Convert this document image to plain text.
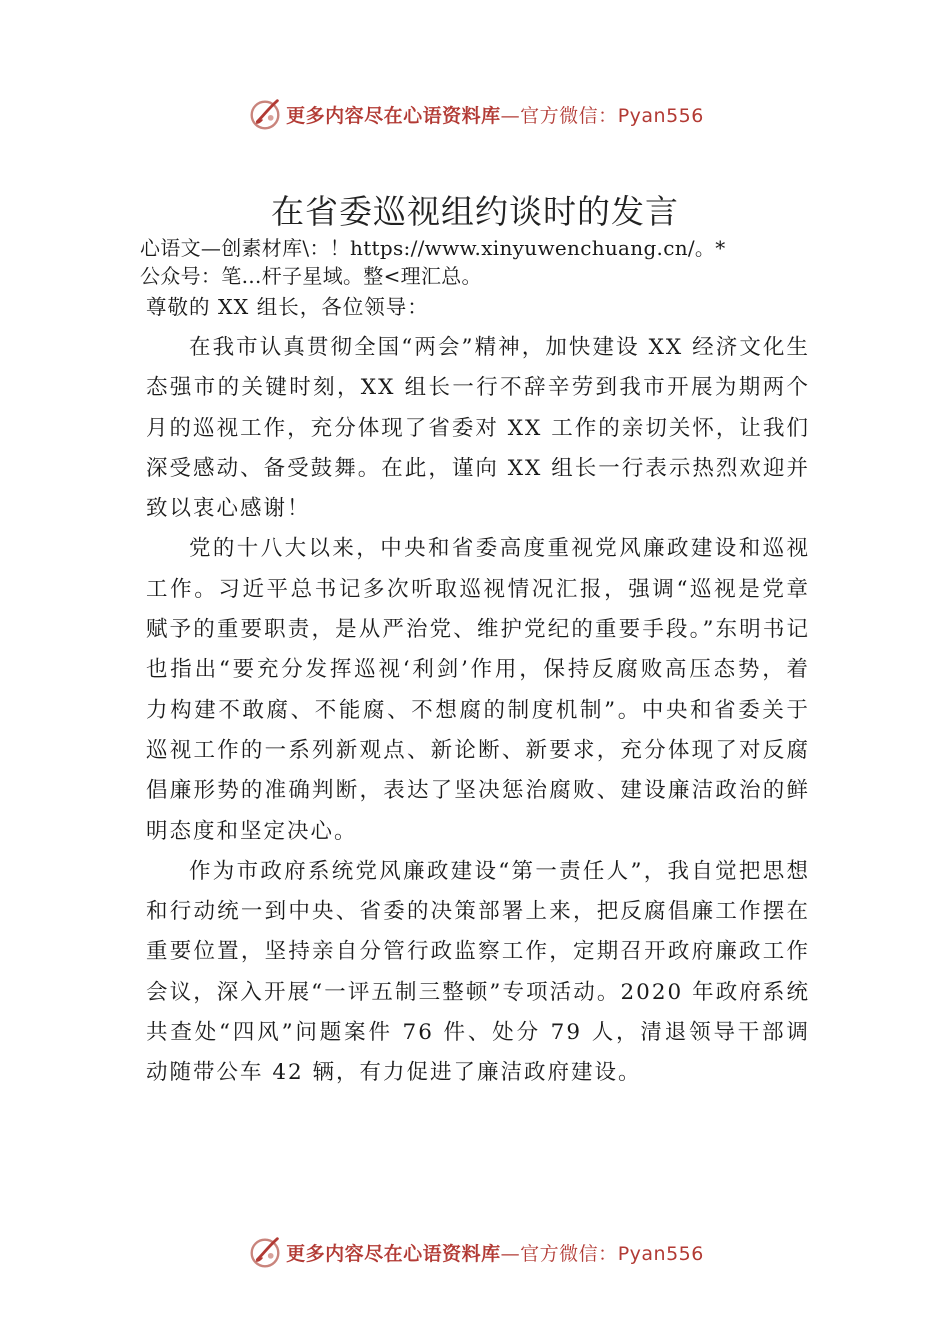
更多内容尽在心语资料库—官方微信：Pyan556
在省委巡视组约谈时的发言
心语文—创素材库\：！https://www.xinyuwenchuang.cn/。*
公众号：笔…杆子星域。整<理汇总。
尊敬的 XX 组长，各位领导：

在我市认真贯彻全国“两会”精神，加快建设 XX 经济文化生态强市的关键时刻，XX 组长一行不辞辛劳到我市开展为期两个月的巡视工作，充分体现了省委对 XX 工作的亲切关怀，让我们深受感动、备受鼓舞。在此，谨向 XX 组长一行表示热烈欢迎并致以衷心感谢！

党的十八大以来，中央和省委高度重视党风廉政建设和巡视工作。习近平总书记多次听取巡视情况汇报，强调“巡视是党章赋予的重要职责，是从严治党、维护党纪的重要手段。”东明书记也指出“要充分发挥巡视‘利剑’作用，保持反腐败高压态势，着力构建不敢腐、不能腐、不想腐的制度机制”。中央和省委关于巡视工作的一系列新观点、新论断、新要求，充分体现了对反腐倡廉形势的准确判断，表达了坚决惩治腐败、建设廉洁政治的鲜明态度和坚定决心。

作为市政府系统党风廉政建设“第一责任人”，我自觉把思想和行动统一到中央、省委的决策部署上来，把反腐倡廉工作摆在重要位置，坚持亲自分管行政监察工作，定期召开政府廉政工作会议，深入开展“一评五制三整顿”专项活动。2020 年政府系统共查处“四风”问题案件 76 件、处分 79 人，清退领导干部调动随带公车 42 辆，有力促进了廉洁政府建设。

更多内容尽在心语资料库—官方微信：Pyan556
